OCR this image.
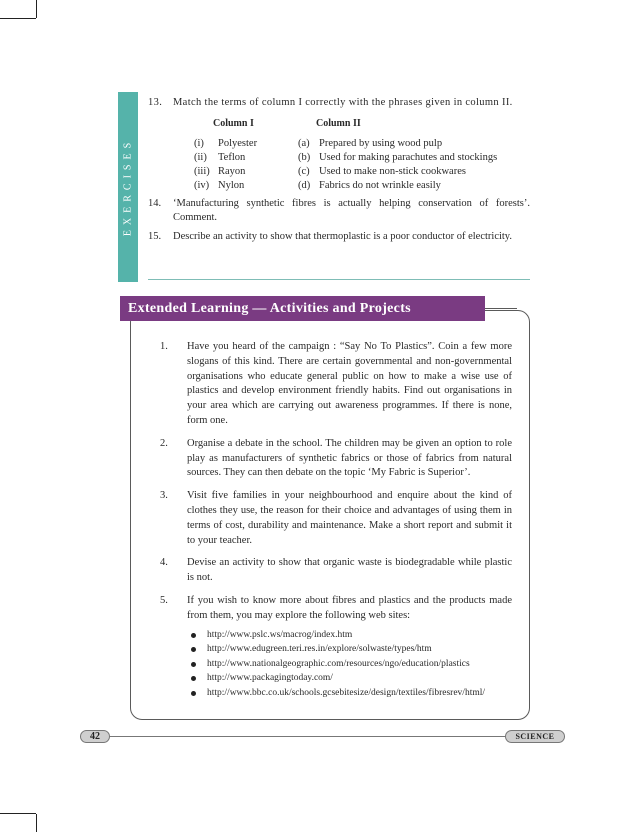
EXERCISES
13. Match the terms of column I correctly with the phrases given in column II.
Column I	Column II
(i) Polyester	(a) Prepared by using wood pulp
(ii) Teflon	(b) Used for making parachutes and stockings
(iii) Rayon	(c) Used to make non-stick cookwares
(iv) Nylon	(d) Fabrics do not wrinkle easily
14. ‘Manufacturing synthetic fibres is actually helping conservation of forests’. Comment.
15. Describe an activity to show that thermoplastic is a poor conductor of electricity.
Extended Learning — Activities and Projects
1. Have you heard of the campaign : “Say No To Plastics”. Coin a few more slogans of this kind. There are certain governmental and non-governmental organisations who educate general public on how to make a wise use of plastics and develop environment friendly habits. Find out organisations in your area which are carrying out awareness programmes. If there is none, form one.

2. Organise a debate in the school. The children may be given an option to role play as manufacturers of synthetic fabrics or those of fabrics from natural sources. They can then debate on the topic ‘My Fabric is Superior’.

3. Visit five families in your neighbourhood and enquire about the kind of clothes they use, the reason for their choice and advantages of using them in terms of cost, durability and maintenance. Make a short report and submit it to your teacher.

4. Devise an activity to show that organic waste is biodegradable while plastic is not.

5. If you wish to know more about fibres and plastics and the products made from them, you may explore the following web sites:

http://www.pslc.ws/macrog/index.htm
http://www.edugreen.teri.res.in/explore/solwaste/types/htm
http://www.nationalgeographic.com/resources/ngo/education/plastics
http://www.packagingtoday.com/
http://www.bbc.co.uk/schools.gcsebitesize/design/textiles/fibresrev/html/
42	SCIENCE
